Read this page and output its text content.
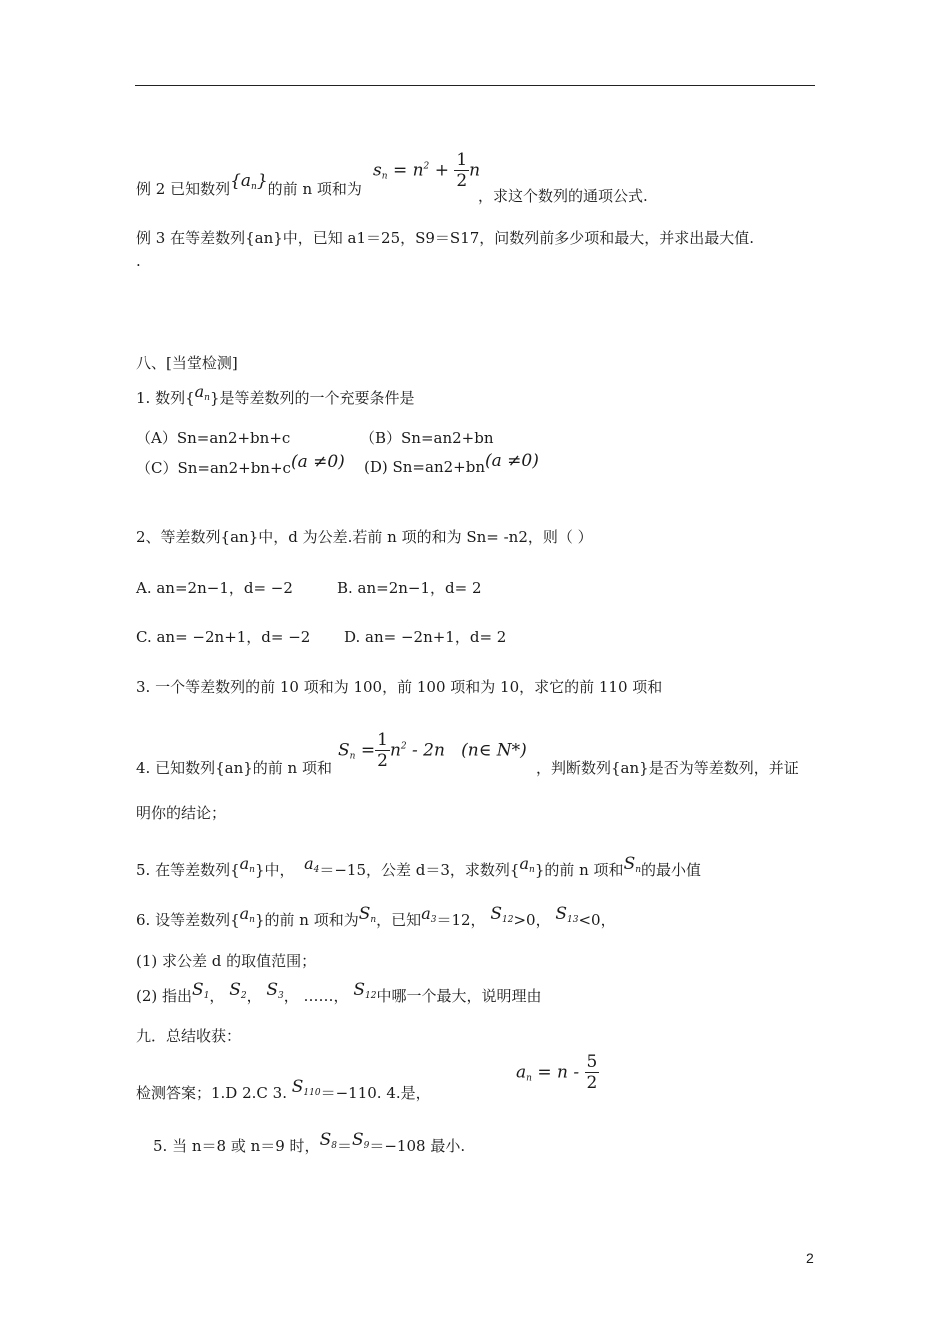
例 2 已知数列$\{a_n\}$的前 n 项和为
$s_n = n^2 + \frac{1}{2}$ n
，求这个数列的通项公式.
例 3 在等差数列{an}中，已知 a1＝25，S9＝S17，问数列前多少项和最大，并求出最大值.
.
八、[当堂检测]
1. 数列$\{a_n\}$是等差数列的一个充要条件是
（A）Sn=an2+bn+c	（B）Sn=an2+bn
（C）Sn=an2+bn+c(a ≠0) (D) Sn=an2+bn(a ≠0)
2、等差数列{an}中，d 为公差.若前 n 项的和为 Sn= -n2，则（ ）
A. an=2n−1，d= −2	B. an=2n−1，d= 2
C. an= −2n+1，d= −2 D. an= −2n+1，d= 2
3. 一个等差数列的前 10 项和为 100，前 100 项和为 10，求它的前 110 项和
4. 已知数列{an}的前 n 项和
$S_n = \frac{1}{2} n^2 - 2n$ (n∈ N*)
，判断数列{an}是否为等差数列，并证
明你的结论；
5. 在等差数列$\{a_n\}$中， $a_4=-15$，公差 d＝3，求数列$\{a_n\}$的前 n 项和$S_n$的最小值
6. 设等差数列$\{a_n\}$的前 n 项和为$S_n$，已知$a_3=12$， $S_{12}>0$， $S_{13}<0$，
(1) 求公差 d 的取值范围；
(2) 指出$S_1$， $S_2$， $S_3$， ……， $S_{12}$中哪一个最大，说明理由
九．总结收获：
检测答案；1.D 2.C 3. $S_{110}=-110$. 4.是，
$a_n = n - \frac{5}{2}$
5. 当 n＝8 或 n＝9 时，$S_8=S_9=-108$ 最小.
2
